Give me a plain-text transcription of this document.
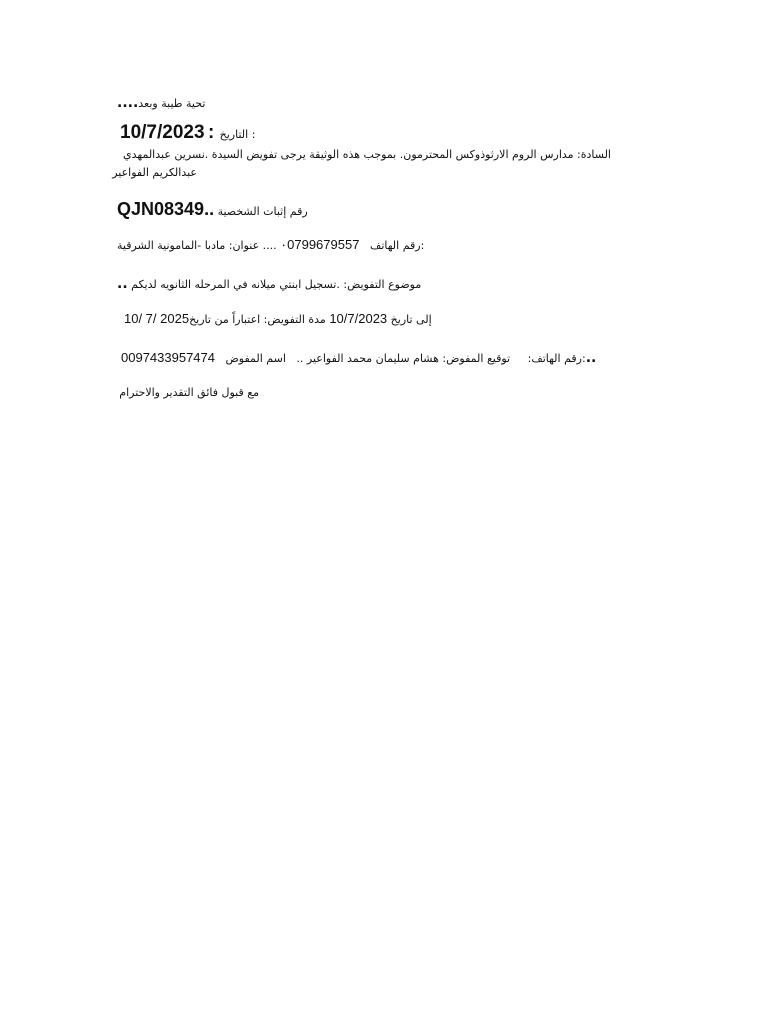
....تحية طيبة وبعد
10/7/2023 : التاريخ :
السادة: مدارس الروم الارثوذوكس المحترمون. بموجب هذه الوثيقة يرجى تفويض السيدة .نسرين عبدالمهدي
عبدالكريم الفواعير
QJN08349.. رقم إثبات الشخصية
.... عنوان: مادبا -المامونية الشرقية ٠0799679557 رقم الهاتف:
.. موضوع التفويض: .تسجيل ابنتي ميلانه في المرحله الثانويه لديكم
10/ 7/ 2025	إلى تاريخ 10/7/2023 مدة التفويض: اعتباراً من تاريخ
0097433957474	رقم الهاتف:     توقيع المفوض: هشام سليمان محمد الفواعير ..   اسم المفوض:..
مع قبول فائق التقدير والاحترام
